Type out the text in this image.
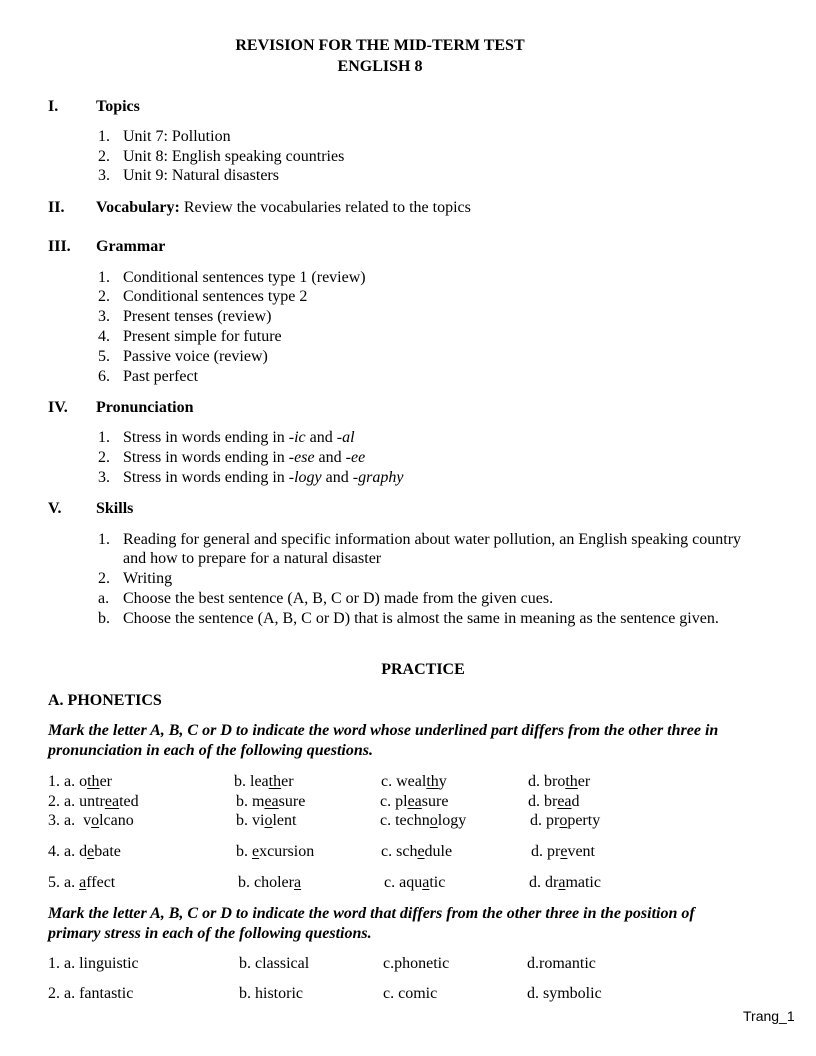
REVISION FOR THE MID-TERM TEST
ENGLISH 8
I. Topics
1. Unit 7: Pollution
2. Unit 8: English speaking countries
3. Unit 9: Natural disasters
II. Vocabulary: Review the vocabularies related to the topics
III. Grammar
1. Conditional sentences type 1 (review)
2. Conditional sentences type 2
3. Present tenses (review)
4. Present simple for future
5. Passive voice (review)
6. Past perfect
IV. Pronunciation
1. Stress in words ending in -ic and -al
2. Stress in words ending in -ese and -ee
3. Stress in words ending in -logy and -graphy
V. Skills
1. Reading for general and specific information about water pollution, an English speaking country
and how to prepare for a natural disaster
2. Writing
a. Choose the best sentence (A, B, C or D) made from the given cues.
b. Choose the sentence (A, B, C or D) that is almost the same in meaning as the sentence given.
PRACTICE
A. PHONETICS
Mark the letter A, B, C or D to indicate the word whose underlined part differs from the other three in
pronunciation in each of the following questions.
1. a. other	b. leather	c. wealthy	d. brother
2. a. untreated	b. measure	c. pleasure	d. bread
3. a.  volcano	b. violent	c. technology	d. property
4. a. debate	b. excursion	c. schedule	d. prevent
5. a. affect	b. cholera	c. aquatic	d. dramatic
Mark the letter A, B, C or D to indicate the word that differs from the other three in the position of
primary stress in each of the following questions.
1. a. linguistic	b. classical	c.phonetic	d.romantic
2. a. fantastic	b. historic	c. comic	d. symbolic
Trang_1
